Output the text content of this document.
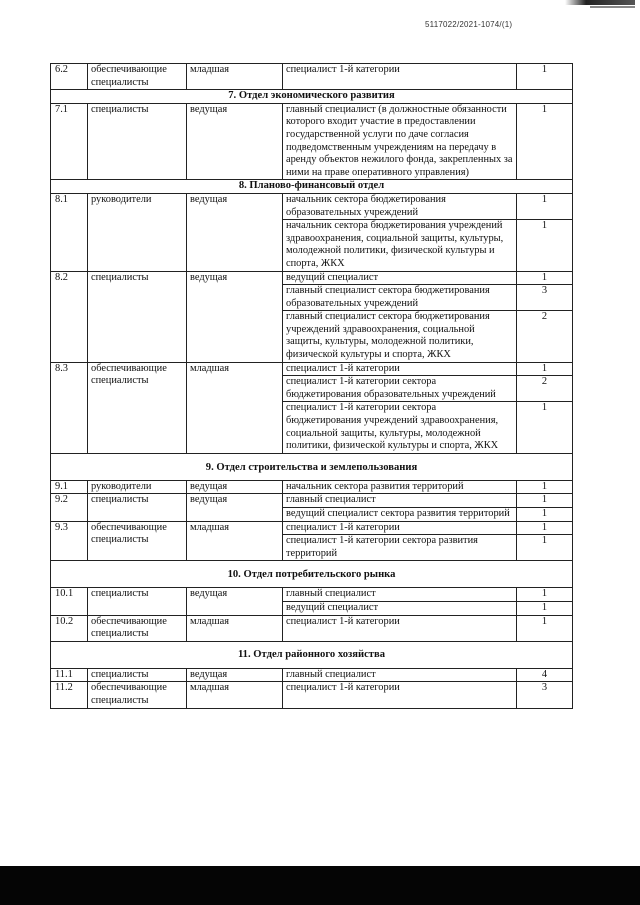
5117022/2021-1074/(1)
6.2	обеспечивающие специалисты	младшая	специалист 1-й категории	1
7. Отдел экономического развития				
7.1	специалисты	ведущая	главный специалист (в должностные обязанности которого входит участие в предоставлении государственной услуги по даче согласия подведомственным учреждениям на передачу в аренду объектов нежилого фонда, закрепленных за ними на праве оперативного управления)	1
8. Планово-финансовый отдел				
8.1	руководители	ведущая	начальник сектора бюджетирования образовательных учреждений	1
			начальник сектора бюджетирования учреждений здравоохранения, социальной защиты, культуры, молодежной политики, физической культуры и спорта, ЖКХ	1
8.2	специалисты	ведущая	ведущий специалист	1
			главный специалист сектора бюджетирования образовательных учреждений	3
			главный специалист сектора бюджетирования учреждений здравоохранения, социальной защиты, культуры, молодежной политики, физической культуры и спорта, ЖКХ	2
8.3	обеспечивающие специалисты	младшая	специалист 1-й категории	1
			специалист 1-й категории сектора бюджетирования образовательных учреждений	2
			специалист 1-й категории сектора бюджетирования учреждений здравоохранения, социальной защиты, культуры, молодежной политики, физической культуры и спорта, ЖКХ	1
9. Отдел строительства и землепользования				
9.1	руководители	ведущая	начальник сектора развития территорий	1
9.2	специалисты	ведущая	главный специалист	1
			ведущий специалист сектора развития территорий	1
9.3	обеспечивающие специалисты	младшая	специалист 1-й категории	1
			специалист 1-й категории сектора развития территорий	1
10. Отдел потребительского рынка				
10.1	специалисты	ведущая	главный специалист	1
			ведущий специалист	1
10.2	обеспечивающие специалисты	младшая	специалист 1-й категории	1
11. Отдел районного хозяйства				
11.1	специалисты	ведущая	главный специалист	4
11.2	обеспечивающие специалисты	младшая	специалист 1-й категории	3
